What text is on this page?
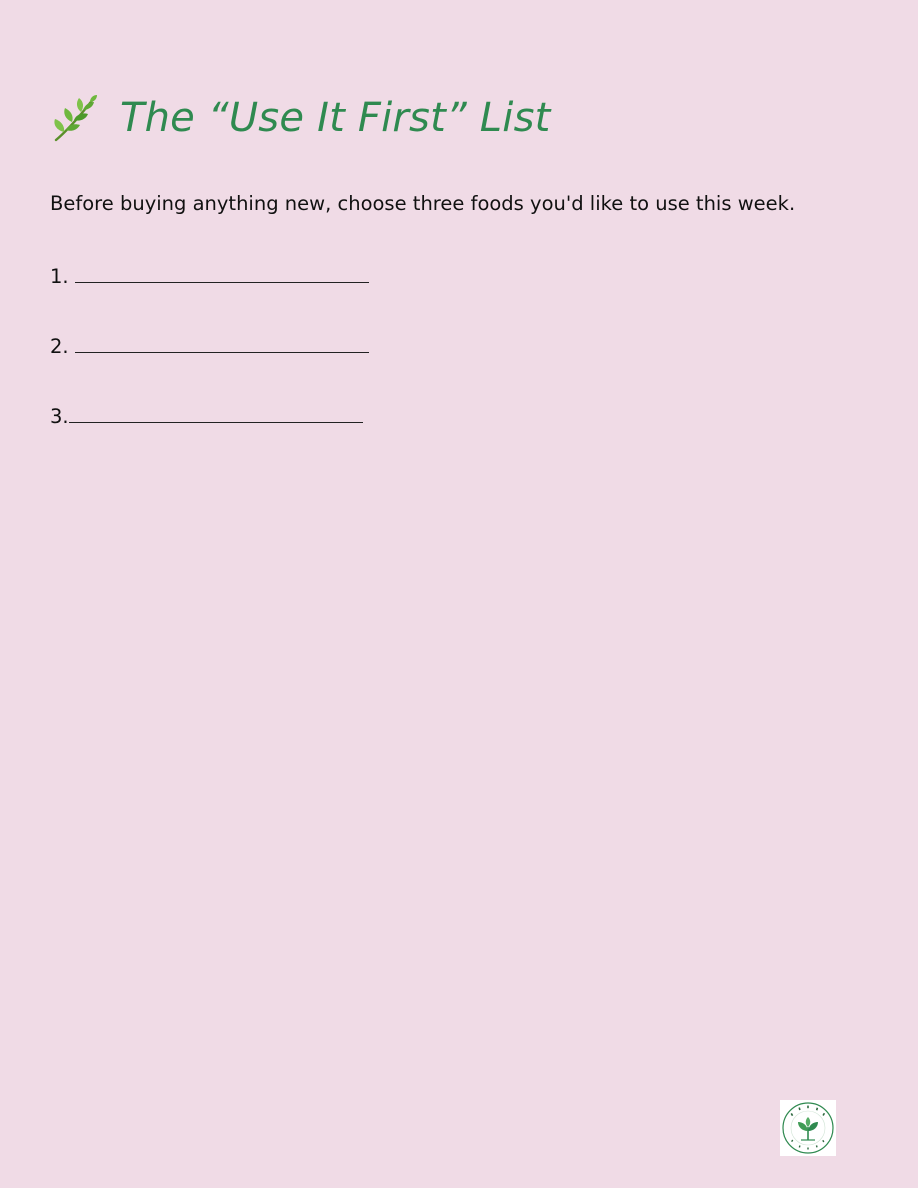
The “Use It First” List
Before buying anything new, choose three foods you'd like to use this week.
1.
2.
3.
